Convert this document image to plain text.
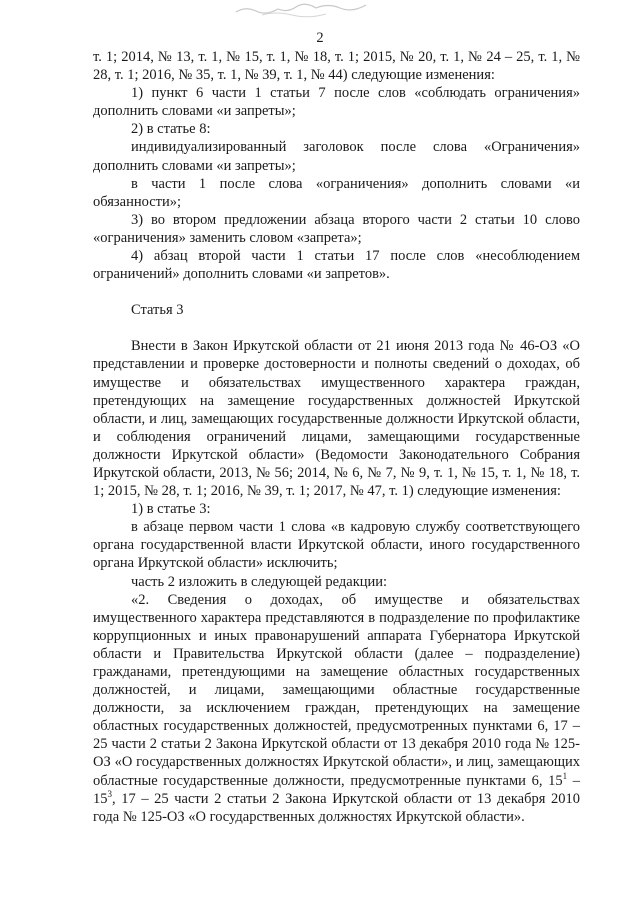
2

т. 1; 2014, № 13, т. 1, № 15, т. 1, № 18, т. 1; 2015, № 20, т. 1, № 24 – 25, т. 1, № 28, т. 1; 2016, № 35, т. 1, № 39, т. 1, № 44) следующие изменения:

1) пункт 6 части 1 статьи 7 после слов «соблюдать ограничения» дополнить словами «и запреты»;

2) в статье 8:

индивидуализированный заголовок после слова «Ограничения» дополнить словами «и запреты»;

в части 1 после слова «ограничения» дополнить словами «и обязанности»;

3) во втором предложении абзаца второго части 2 статьи 10 слово «ограничения» заменить словом «запрета»;

4) абзац второй части 1 статьи 17 после слов «несоблюдением ограничений» дополнить словами «и запретов».

Статья 3

Внести в Закон Иркутской области от 21 июня 2013 года № 46-ОЗ «О представлении и проверке достоверности и полноты сведений о доходах, об имуществе и обязательствах имущественного характера граждан, претендующих на замещение государственных должностей Иркутской области, и лиц, замещающих государственные должности Иркутской области, и соблюдения ограничений лицами, замещающими государственные должности Иркутской области» (Ведомости Законодательного Собрания Иркутской области, 2013, № 56; 2014, № 6, № 7, № 9, т. 1, № 15, т. 1, № 18, т. 1; 2015, № 28, т. 1; 2016, № 39, т. 1; 2017, № 47, т. 1) следующие изменения:

1) в статье 3:

в абзаце первом части 1 слова «в кадровую службу соответствующего органа государственной власти Иркутской области, иного государственного органа Иркутской области» исключить;

часть 2 изложить в следующей редакции:

«2. Сведения о доходах, об имуществе и обязательствах имущественного характера представляются в подразделение по профилактике коррупционных и иных правонарушений аппарата Губернатора Иркутской области и Правительства Иркутской области (далее – подразделение) гражданами, претендующими на замещение областных государственных должностей, и лицами, замещающими областные государственные должности, за исключением граждан, претендующих на замещение областных государственных должностей, предусмотренных пунктами 6, 17 – 25 части 2 статьи 2 Закона Иркутской области от 13 декабря 2010 года № 125-ОЗ «О государственных должностях Иркутской области», и лиц, замещающих областные государственные должности, предусмотренные пунктами 6, $15^1 - 15^3$, 17 – 25 части 2 статьи 2 Закона Иркутской области от 13 декабря 2010 года № 125-ОЗ «О государственных должностях Иркутской области».
